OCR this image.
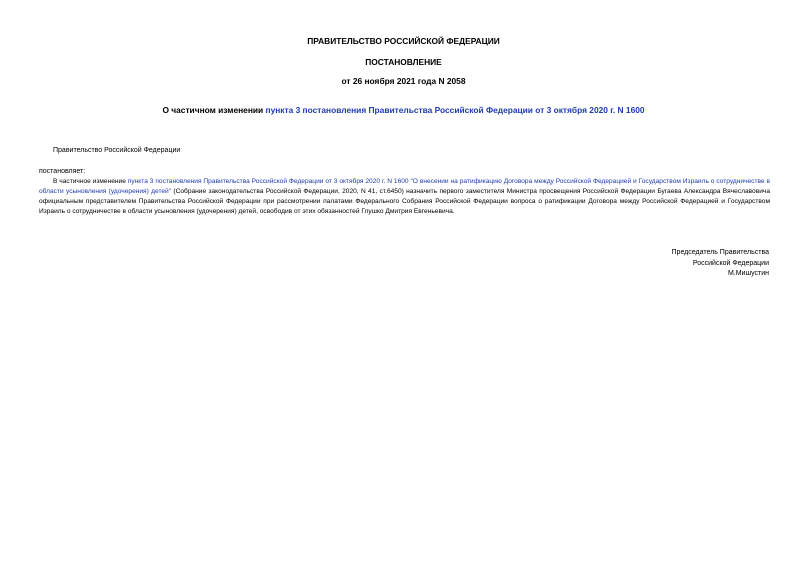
ПРАВИТЕЛЬСТВО РОССИЙСКОЙ ФЕДЕРАЦИИ
ПОСТАНОВЛЕНИЕ
от 26 ноября 2021 года N 2058
О частичном изменении пункта 3 постановления Правительства Российской Федерации от 3 октября 2020 г. N 1600
Правительство Российской Федерации
постановляет:
В частичное изменение пункта 3 постановления Правительства Российской Федерации от 3 октября 2020 г. N 1600 "О внесении на ратификацию Договора между Российской Федерацией и Государством Израиль о сотрудничестве в области усыновления (удочерения) детей" (Собрание законодательства Российской Федерации, 2020, N 41, ст.6450) назначить первого заместителя Министра просвещения Российской Федерации Бугаева Александра Вячеславовича официальным представителем Правительства Российской Федерации при рассмотрении палатами Федерального Собрания Российской Федерации вопроса о ратификации Договора между Российской Федерацией и Государством Израиль о сотрудничестве в области усыновления (удочерения) детей, освободив от этих обязанностей Глушко Дмитрия Евгеньевича.
Председатель Правительства
Российской Федерации
М.Мишустин
